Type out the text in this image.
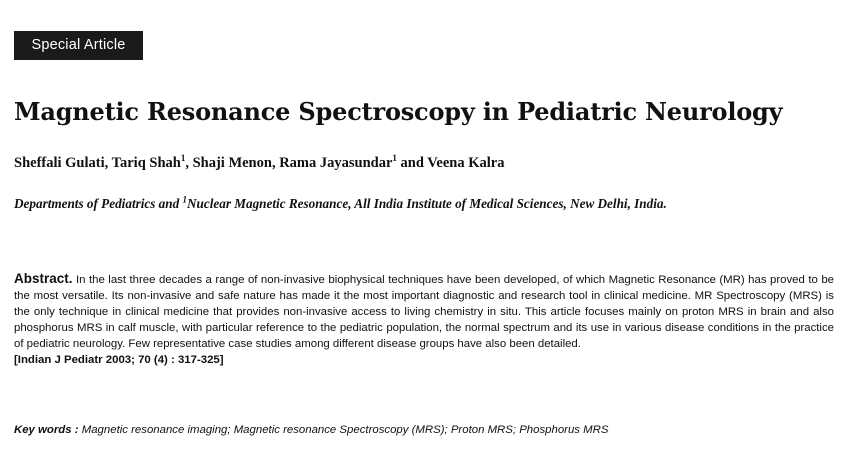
Special Article
Magnetic Resonance Spectroscopy in Pediatric Neurology
Sheffali Gulati, Tariq Shah$^1$, Shaji Menon, Rama Jayasundar$^1$ and Veena Kalra
Departments of Pediatrics and $^1$Nuclear Magnetic Resonance, All India Institute of Medical Sciences, New Delhi, India.
Abstract. In the last three decades a range of non-invasive biophysical techniques have been developed, of which Magnetic Resonance (MR) has proved to be the most versatile. Its non-invasive and safe nature has made it the most important diagnostic and research tool in clinical medicine. MR Spectroscopy (MRS) is the only technique in clinical medicine that provides non-invasive access to living chemistry in situ. This article focuses mainly on proton MRS in brain and also phosphorus MRS in calf muscle, with particular reference to the pediatric population, the normal spectrum and its use in various disease conditions in the practice of pediatric neurology. Few representative case studies among different disease groups have also been detailed.
[Indian J Pediatr 2003; 70 (4) : 317-325]
Key words : Magnetic resonance imaging; Magnetic resonance Spectroscopy (MRS); Proton MRS; Phosphorus MRS
